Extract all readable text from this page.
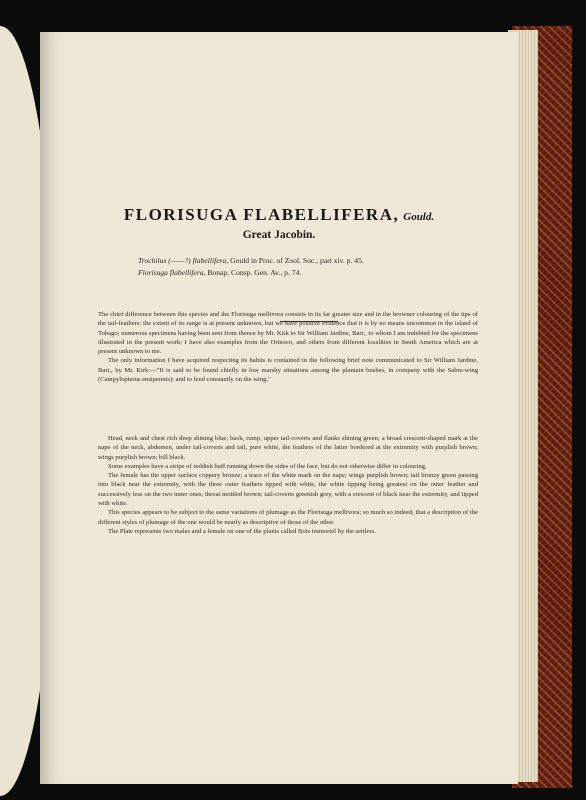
FLORISUGA FLABELLIFERA, Gould.
Great Jacobin.
Trochilus (——?) flabellifera, Gould in Proc. of Zool. Soc., part xiv. p. 45.
Florisuga flabellifera, Bonap. Consp. Gen. Av., p. 74.

The chief difference between this species and the Florisuga mellivora consists in its far greater size and in the browner colouring of the tips of the tail-feathers: the extent of its range is at present unknown, but we have positive evidence that it is by no means uncommon in the island of Tobago; numerous specimens having been sent from thence by Mr. Kirk to Sir William Jardine, Bart., to whom I am indebted for the specimens illustrated in the present work; I have also examples from the Orinoco, and others from different localities in South America which are at present unknown to me.

The only information I have acquired respecting its habits is contained in the following brief note communicated to Sir William Jardine, Bart., by Mr. Kirk:—"It is said to be found chiefly in low marshy situations among the plantain bushes, in company with the Sabre-wing (Campylopterus ensipennis); and to feed constantly on the wing."

Head, neck and chest rich deep shining blue; back, rump, upper tail-coverts and flanks shining green; a broad crescent-shaped mark at the nape of the neck, abdomen, under tail-coverts and tail, pure white, the feathers of the latter bordered at the extremity with purplish brown; wings purplish brown; bill black.

Some examples have a stripe of reddish buff running down the sides of the face, but do not otherwise differ in colouring.

The female has the upper surface coppery bronze; a trace of the white mark on the nape; wings purplish brown; tail bronzy green passing into black near the extremity, with the three outer feathers tipped with white, the white tipping being greatest on the outer feather and successively less on the two inner ones; throat mottled brown; tail-coverts greenish grey, with a crescent of black near the extremity, and tipped with white.

This species appears to be subject to the same variations of plumage as the Florisuga mellivora; so much so indeed, that a description of the different styles of plumage of the one would be nearly as descriptive of those of the other.

The Plate represents two males and a female on one of the plants called Bois immortel by the settlers.
